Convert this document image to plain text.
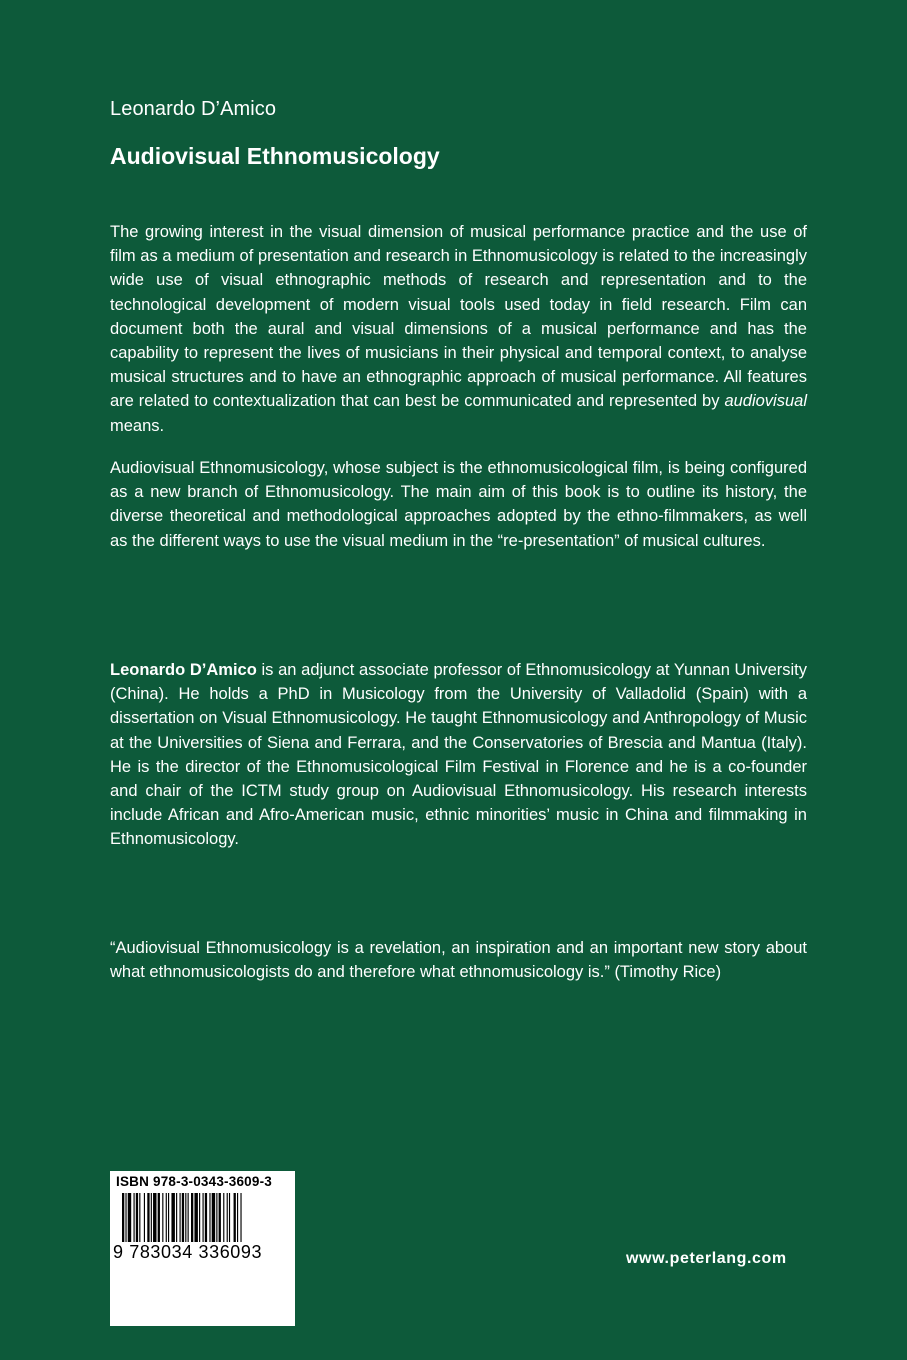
Leonardo D’Amico
Audiovisual Ethnomusicology

The growing interest in the visual dimension of musical performance practice and the use of film as a medium of presentation and research in Ethnomusicology is related to the increasingly wide use of visual ethnographic methods of research and representation and to the technological development of modern visual tools used today in field research. Film can document both the aural and visual dimensions of a musical performance and has the capability to represent the lives of musicians in their physical and temporal context, to analyse musical structures and to have an ethnographic approach of musical performance. All features are related to contextualization that can best be communicated and represented by audiovisual means.

Audiovisual Ethnomusicology, whose subject is the ethnomusicological film, is being configured as a new branch of Ethnomusicology. The main aim of this book is to outline its history, the diverse theoretical and methodological approaches adopted by the ethno-filmmakers, as well as the different ways to use the visual medium in the “re-presentation” of musical cultures.

Leonardo D’Amico is an adjunct associate professor of Ethnomusicology at Yunnan University (China). He holds a PhD in Musicology from the University of Valladolid (Spain) with a dissertation on Visual Ethnomusicology. He taught Ethnomusicology and Anthropology of Music at the Universities of Siena and Ferrara, and the Conservatories of Brescia and Mantua (Italy). He is the director of the Ethnomusicological Film Festival in Florence and he is a co-founder and chair of the ICTM study group on Audiovisual Ethnomusicology. His research interests include African and Afro-American music, ethnic minorities’ music in China and filmmaking in Ethnomusicology.

“Audiovisual Ethnomusicology is a revelation, an inspiration and an important new story about what ethnomusicologists do and therefore what ethnomusicology is.” (Timothy Rice)

ISBN 978-3-0343-3609-3
9 783034 336093	www.peterlang.com
